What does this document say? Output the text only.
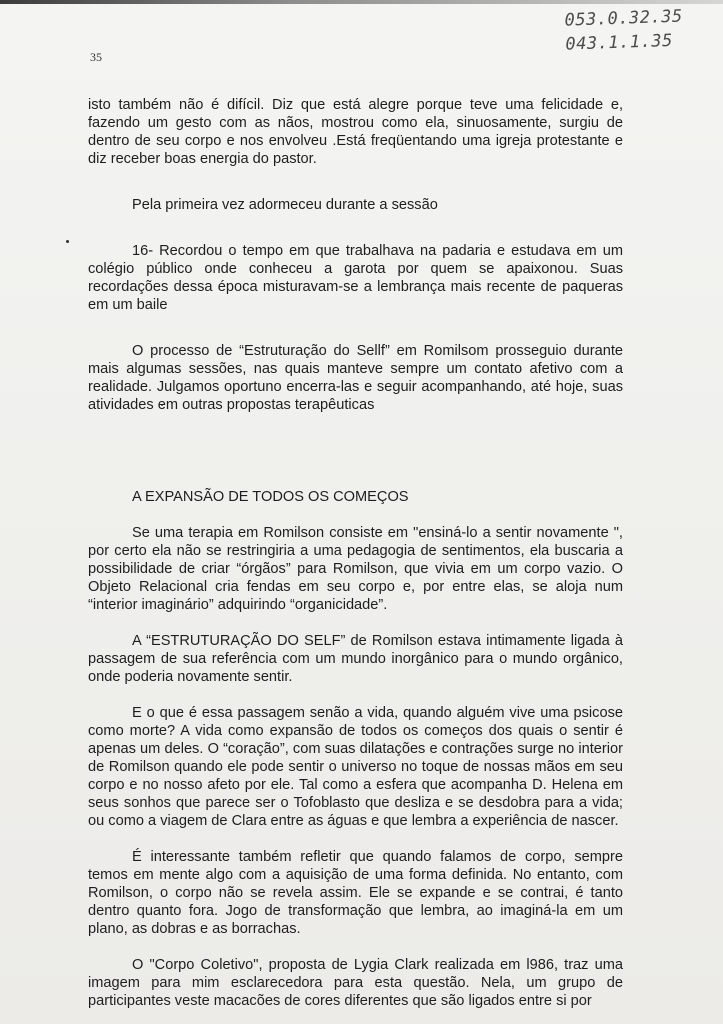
053.0.32.35
043.1.1.35
35

isto também não é difícil. Diz que está alegre porque teve uma felicidade e, fazendo um gesto com as nãos, mostrou como ela, sinuosamente, surgiu de dentro de seu corpo e nos envolveu .Está freqüentando uma igreja protestante e diz receber boas energia do pastor.

Pela primeira vez adormeceu durante a sessão

16- Recordou o tempo em que trabalhava na padaria e estudava em um colégio público onde conheceu a garota por quem se apaixonou. Suas recordações dessa época misturavam-se a lembrança mais recente de paqueras em um baile

O processo de “Estruturação do Sellf” em Romilsom prosseguio durante mais algumas sessões, nas quais manteve sempre um contato afetivo com a realidade. Julgamos oportuno encerra-las e seguir acompanhando, até hoje, suas atividades em outras propostas terapêuticas

A EXPANSÃO DE TODOS OS COMEÇOS

Se uma terapia em Romilson consiste em "ensiná-lo a sentir novamente ", por certo ela não se restringiria a uma pedagogia de sentimentos, ela buscaria a possibilidade de criar “órgãos” para Romilson, que vivia em um corpo vazio. O Objeto Relacional cria fendas em seu corpo e, por entre elas, se aloja num “interior imaginário” adquirindo “organicidade”.

A “ESTRUTURAÇÃO DO SELF” de Romilson estava intimamente ligada à passagem de sua referência com um mundo inorgânico para o mundo orgânico, onde poderia novamente sentir.

E o que é essa passagem senão a vida, quando alguém vive uma psicose como morte? A vida como expansão de todos os começos dos quais o sentir é apenas um deles. O “coração”, com suas dilatações e contrações surge no interior de Romilson quando ele pode sentir o universo no toque de nossas mãos em seu corpo e no nosso afeto por ele. Tal como a esfera que acompanha D. Helena em seus sonhos que parece ser o Tofoblasto que desliza e se desdobra para a vida; ou como a viagem de Clara entre as águas e que lembra a experiência de nascer.

É interessante também refletir que quando falamos de corpo, sempre temos em mente algo com a aquisição de uma forma definida. No entanto, com Romilson, o corpo não se revela assim. Ele se expande e se contrai, é tanto dentro quanto fora. Jogo de transformação que lembra, ao imaginá-la em um plano, as dobras e as borrachas.

O "Corpo Coletivo", proposta de Lygia Clark realizada em l986, traz uma imagem para mim esclarecedora para esta questão. Nela, um grupo de participantes veste macacões de cores diferentes que são ligados entre si por
